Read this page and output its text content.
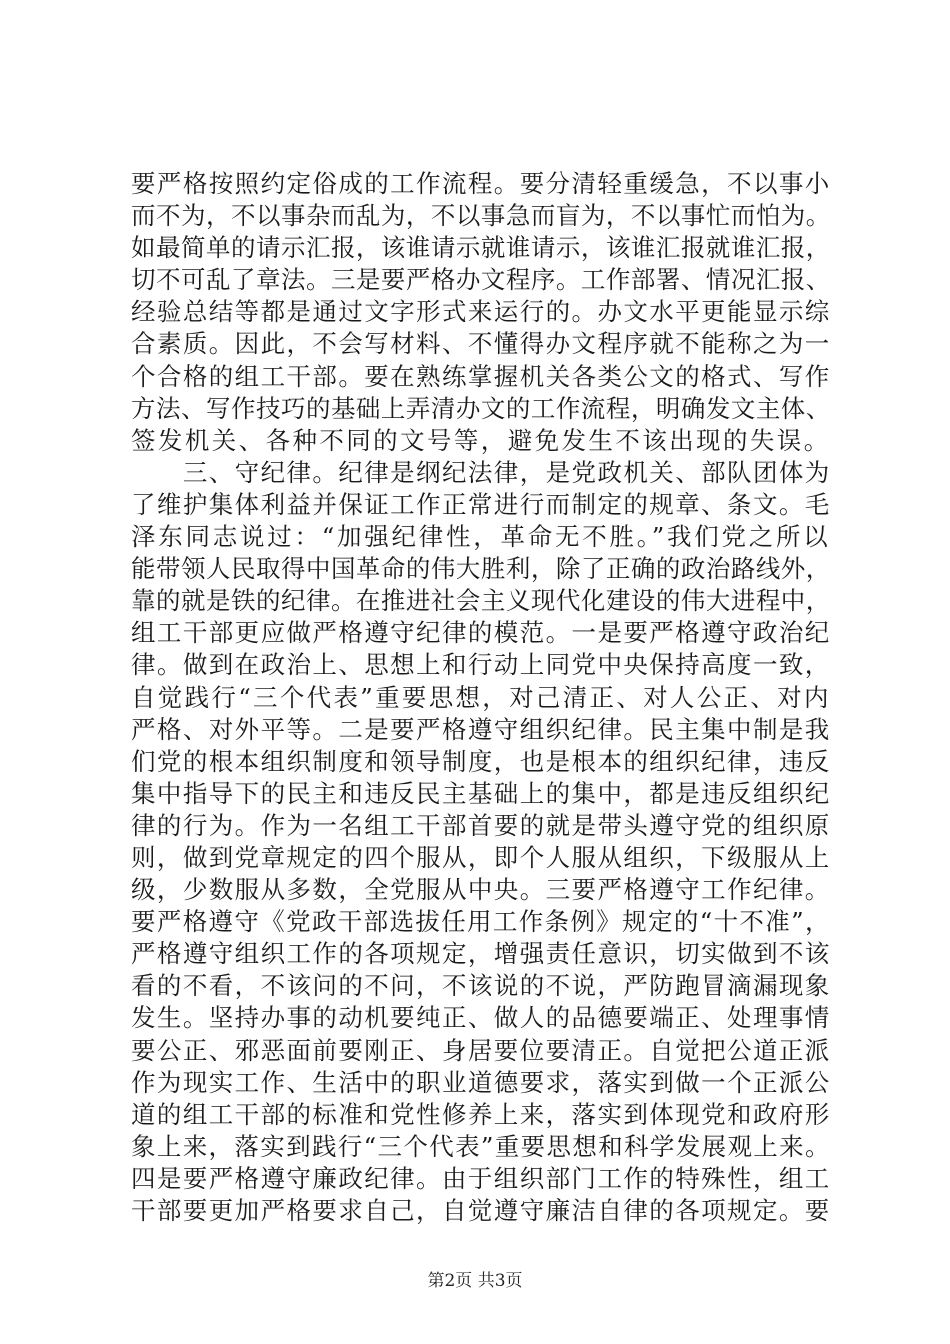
要严格按照约定俗成的工作流程。要分清轻重缓急，不以事小
而不为，不以事杂而乱为，不以事急而盲为，不以事忙而怕为。
如最简单的请示汇报，该谁请示就谁请示，该谁汇报就谁汇报，
切不可乱了章法。三是要严格办文程序。工作部署、情况汇报、
经验总结等都是通过文字形式来运行的。办文水平更能显示综
合素质。因此，不会写材料、不懂得办文程序就不能称之为一
个合格的组工干部。要在熟练掌握机关各类公文的格式、写作
方法、写作技巧的基础上弄清办文的工作流程，明确发文主体、
签发机关、各种不同的文号等，避免发生不该出现的失误。
　　三、守纪律。纪律是纲纪法律，是党政机关、部队团体为
了维护集体利益并保证工作正常进行而制定的规章、条文。毛
泽东同志说过：“加强纪律性，革命无不胜。”我们党之所以
能带领人民取得中国革命的伟大胜利，除了正确的政治路线外，
靠的就是铁的纪律。在推进社会主义现代化建设的伟大进程中，
组工干部更应做严格遵守纪律的模范。一是要严格遵守政治纪
律。做到在政治上、思想上和行动上同党中央保持高度一致，
自觉践行“三个代表”重要思想，对己清正、对人公正、对内
严格、对外平等。二是要严格遵守组织纪律。民主集中制是我
们党的根本组织制度和领导制度，也是根本的组织纪律，违反
集中指导下的民主和违反民主基础上的集中，都是违反组织纪
律的行为。作为一名组工干部首要的就是带头遵守党的组织原
则，做到党章规定的四个服从，即个人服从组织，下级服从上
级，少数服从多数，全党服从中央。三要严格遵守工作纪律。
要严格遵守《党政干部选拔任用工作条例》规定的“十不准”，
严格遵守组织工作的各项规定，增强责任意识，切实做到不该
看的不看，不该问的不问，不该说的不说，严防跑冒滴漏现象
发生。坚持办事的动机要纯正、做人的品德要端正、处理事情
要公正、邪恶面前要刚正、身居要位要清正。自觉把公道正派
作为现实工作、生活中的职业道德要求，落实到做一个正派公
道的组工干部的标准和党性修养上来，落实到体现党和政府形
象上来，落实到践行“三个代表”重要思想和科学发展观上来。
四是要严格遵守廉政纪律。由于组织部门工作的特殊性，组工
干部要更加严格要求自己，自觉遵守廉洁自律的各项规定。要
第2页 共3页
